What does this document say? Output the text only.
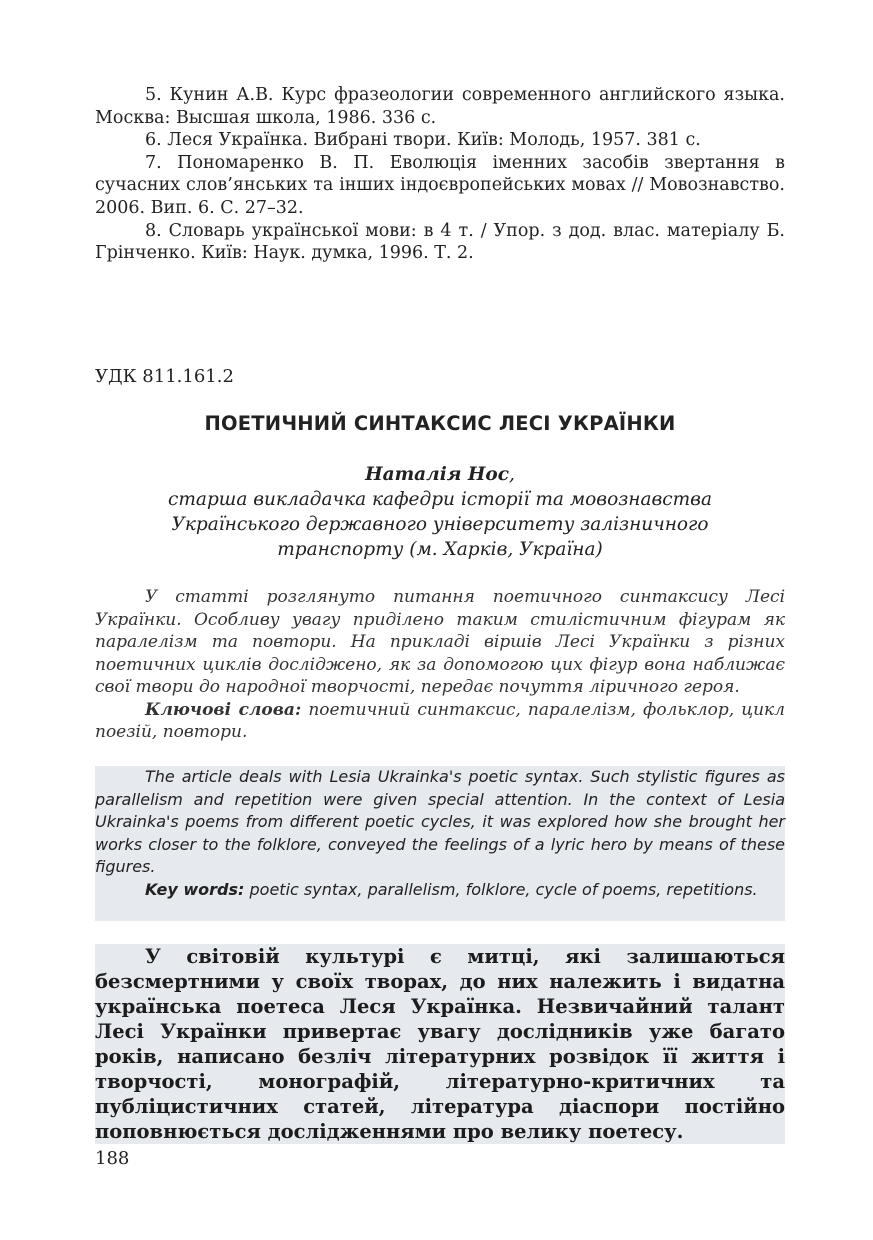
5. Кунин А.В. Курс фразеологии современного английского языка. Москва: Высшая школа, 1986. 336 с.

6. Леся Українка. Вибрані твори. Київ: Молодь, 1957. 381 с.

7. Пономаренко В. П. Еволюція іменних засобів звертання в сучасних слов’янських та інших індоєвропейських мовах // Мовознавство. 2006. Вип. 6. С. 27–32.

8. Словарь української мови: в 4 т. / Упор. з дод. влас. матеріалу Б. Грінченко. Київ: Наук. думка, 1996. Т. 2.

УДК 811.161.2
ПОЕТИЧНИЙ СИНТАКСИС ЛЕСІ УКРАЇНКИ
Наталія Нос,
старша викладачка кафедри історії та мовознавства
Українського державного університету залізничного
транспорту (м. Харків, Україна)

У статті розглянуто питання поетичного синтаксису Лесі Українки. Особливу увагу приділено таким стилістичним фігурам як паралелізм та повтори. На прикладі віршів Лесі Українки з різних поетичних циклів досліджено, як за допомогою цих фігур вона наближає свої твори до народної творчості, передає почуття ліричного героя.

Ключові слова: поетичний синтаксис, паралелізм, фольклор, цикл поезій, повтори.

The article deals with Lesia Ukrainka's poetic syntax. Such stylistic figures as parallelism and repetition were given special attention. In the context of Lesia Ukrainka's poems from different poetic cycles, it was explored how she brought her works closer to the folklore, conveyed the feelings of a lyric hero by means of these figures.

Key words: poetic syntax, parallelism, folklore, cycle of poems, repetitions.

У світовій культурі є митці, які залишаються безсмертними у своїх творах, до них належить і видатна українська поетеса Леся Українка. Незвичайний талант Лесі Українки привертає увагу дослідників уже багато років, написано безліч літературних розвідок її життя і творчості, монографій, літературно-критичних та публіцистичних статей, література діаспори постійно поповнюється дослідженнями про велику поетесу.

188
